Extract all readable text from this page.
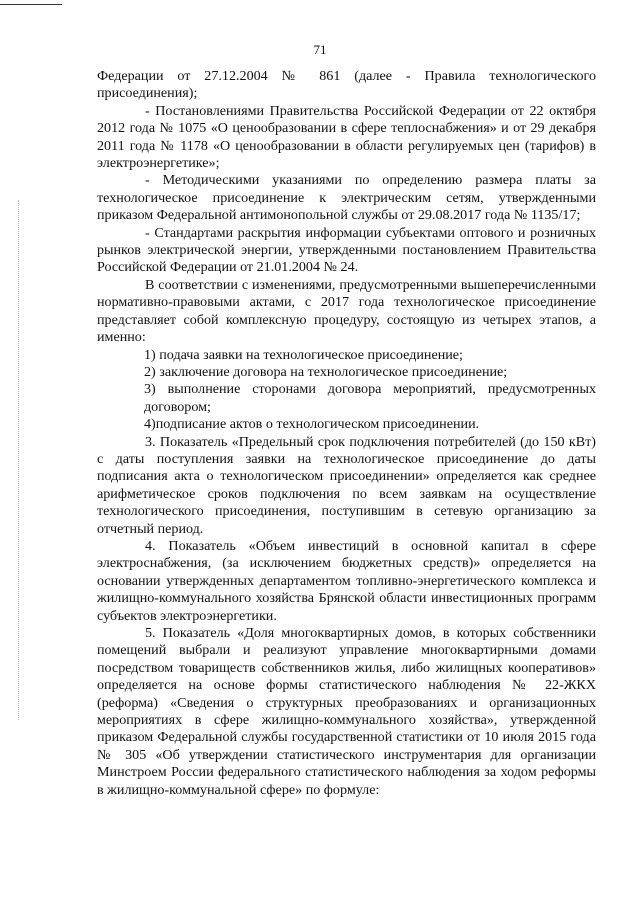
71

Федерации от 27.12.2004 № 861 (далее - Правила технологического присоединения);

- Постановлениями Правительства Российской Федерации от 22 октября 2012 года № 1075 «О ценообразовании в сфере теплоснабжения» и от 29 декабря 2011 года № 1178 «О ценообразовании в области регулируемых цен (тарифов) в электроэнергетике»;

- Методическими указаниями по определению размера платы за технологическое присоединение к электрическим сетям, утвержденными приказом Федеральной антимонопольной службы от 29.08.2017 года № 1135/17;

- Стандартами раскрытия информации субъектами оптового и розничных рынков электрической энергии, утвержденными постановлением Правительства Российской Федерации от 21.01.2004 № 24.

В соответствии с изменениями, предусмотренными вышеперечисленными нормативно-правовыми актами, с 2017 года технологическое присоединение представляет собой комплексную процедуру, состоящую из четырех этапов, а именно:

1) подача заявки на технологическое присоединение;

2) заключение договора на технологическое присоединение;

3) выполнение сторонами договора мероприятий, предусмотренных договором;

4)подписание актов о технологическом присоединении.

3. Показатель «Предельный срок подключения потребителей (до 150 кВт) с даты поступления заявки на технологическое присоединение до даты подписания акта о технологическом присоединении» определяется как среднее арифметическое сроков подключения по всем заявкам на осуществление технологического присоединения, поступившим в сетевую организацию за отчетный период.

4. Показатель «Объем инвестиций в основной капитал в сфере электроснабжения, (за исключением бюджетных средств)» определяется на основании утвержденных департаментом топливно-энергетического комплекса и жилищно-коммунального хозяйства Брянской области инвестиционных программ субъектов электроэнергетики.

5. Показатель «Доля многоквартирных домов, в которых собственники помещений выбрали и реализуют управление многоквартирными домами посредством товариществ собственников жилья, либо жилищных кооперативов» определяется на основе формы статистического наблюдения № 22-ЖКХ (реформа) «Сведения о структурных преобразованиях и организационных мероприятиях в сфере жилищно-коммунального хозяйства», утвержденной приказом Федеральной службы государственной статистики от 10 июля 2015 года № 305 «Об утверждении статистического инструментария для организации Минстроем России федерального статистического наблюдения за ходом реформы в жилищно-коммунальной сфере» по формуле:
